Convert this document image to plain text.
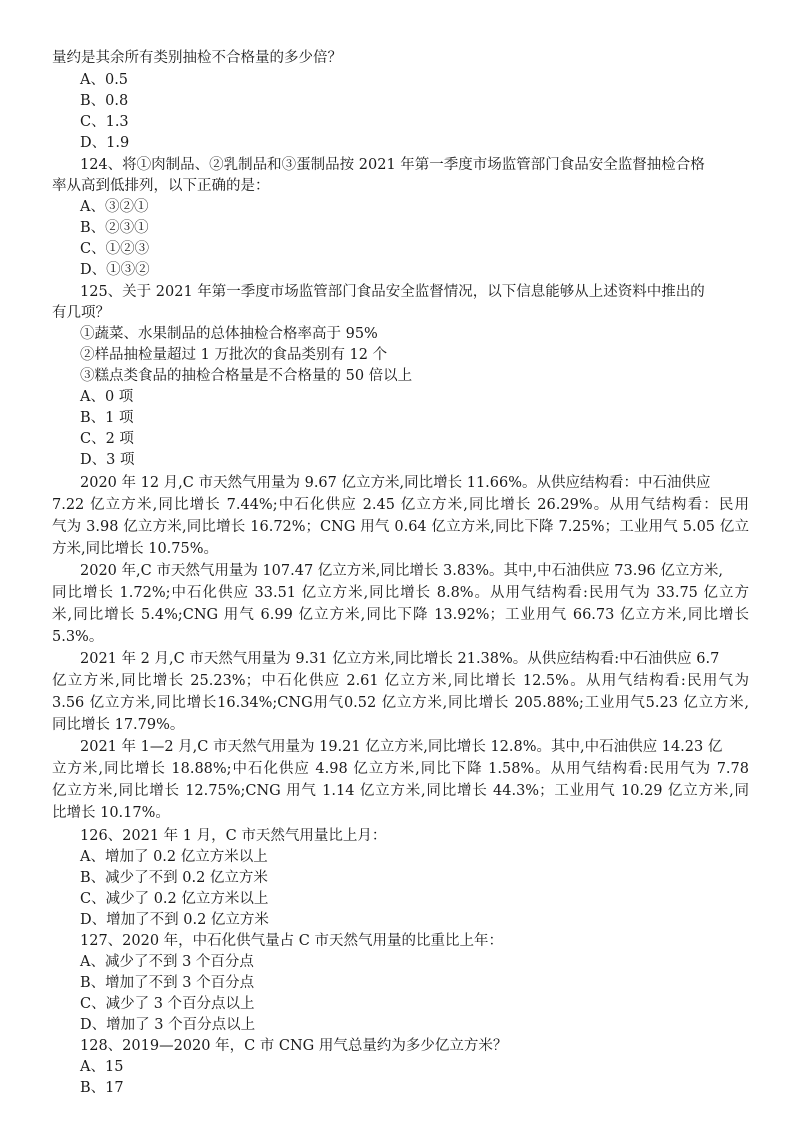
量约是其余所有类别抽检不合格量的多少倍？
A、0.5
B、0.8
C、1.3
D、1.9
124、将①肉制品、②乳制品和③蛋制品按 2021 年第一季度市场监管部门食品安全监督抽检合格
率从高到低排列，以下正确的是：
A、③②①
B、②③①
C、①②③
D、①③②
125、关于 2021 年第一季度市场监管部门食品安全监督情况，以下信息能够从上述资料中推出的
有几项？
①蔬菜、水果制品的总体抽检合格率高于 95%
②样品抽检量超过 1 万批次的食品类别有 12 个
③糕点类食品的抽检合格量是不合格量的 50 倍以上
A、0 项
B、1 项
C、2 项
D、3 项
2020 年 12 月,C 市天然气用量为 9.67 亿立方米,同比增长 11.66%。从供应结构看：中石油供应
7.22 亿立方米,同比增长 7.44%;中石化供应 2.45 亿立方米,同比增长 26.29%。从用气结构看：民用
气为 3.98 亿立方米,同比增长 16.72%；CNG 用气 0.64 亿立方米,同比下降 7.25%；工业用气 5.05 亿立
方米,同比增长 10.75%。
2020 年,C 市天然气用量为 107.47 亿立方米,同比增长 3.83%。其中,中石油供应 73.96 亿立方米,
同比增长 1.72%;中石化供应 33.51 亿立方米,同比增长 8.8%。从用气结构看:民用气为 33.75 亿立方
米,同比增长 5.4%;CNG 用气 6.99 亿立方米,同比下降 13.92%；工业用气 66.73 亿立方米,同比增长
5.3%。
2021 年 2 月,C 市天然气用量为 9.31 亿立方米,同比增长 21.38%。从供应结构看:中石油供应 6.7
亿立方米,同比增长 25.23%；中石化供应 2.61 亿立方米,同比增长 12.5%。从用气结构看:民用气为
3.56 亿立方米,同比增长16.34%;CNG用气0.52 亿立方米,同比增长 205.88%;工业用气5.23 亿立方米,
同比增长 17.79%。
2021 年 1—2 月,C 市天然气用量为 19.21 亿立方米,同比增长 12.8%。其中,中石油供应 14.23 亿
立方米,同比增长 18.88%;中石化供应 4.98 亿立方米,同比下降 1.58%。从用气结构看:民用气为 7.78
亿立方米,同比增长 12.75%;CNG 用气 1.14 亿立方米,同比增长 44.3%；工业用气 10.29 亿立方米,同
比增长 10.17%。
126、2021 年 1 月，C 市天然气用量比上月：
A、增加了 0.2 亿立方米以上
B、减少了不到 0.2 亿立方米
C、减少了 0.2 亿立方米以上
D、增加了不到 0.2 亿立方米
127、2020 年，中石化供气量占 C 市天然气用量的比重比上年：
A、减少了不到 3 个百分点
B、增加了不到 3 个百分点
C、减少了 3 个百分点以上
D、增加了 3 个百分点以上
128、2019—2020 年，C 市 CNG 用气总量约为多少亿立方米？
A、15
B、17
